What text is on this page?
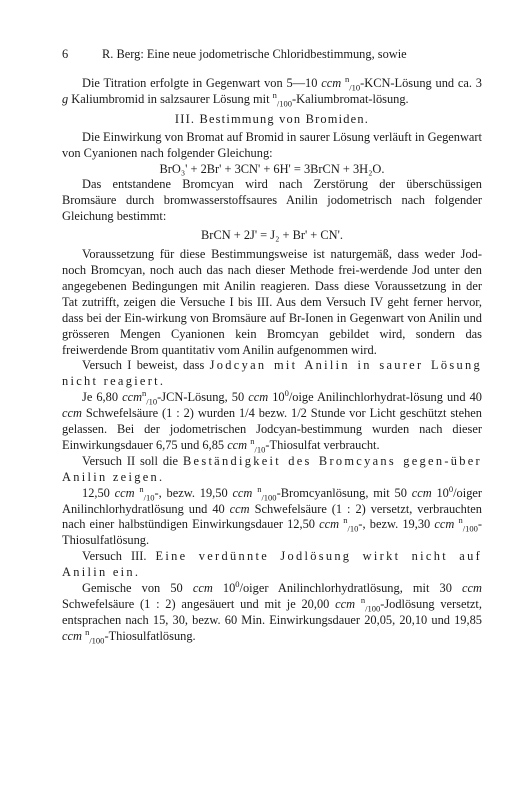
6	R. Berg: Eine neue jodometrische Chloridbestimmung, sowie

Die Titration erfolgte in Gegenwart von 5—10 ccm $^n_{/10}$-KCN-Lösung und ca. 3 g Kaliumbromid in salzsaurer Lösung mit $^n_{/100}$-Kaliumbromat-lösung.

III. Bestimmung von Bromiden.

Die Einwirkung von Bromat auf Bromid in saurer Lösung verläuft in Gegenwart von Cyanionen nach folgender Gleichung:

BrO₃' + 2Br' + 3CN' + 6H' = 3BrCN + 3H₂O.

Das entstandene Bromcyan wird nach Zerstörung der überschüssigen Bromsäure durch bromwasserstoffsaures Anilin jodometrisch nach folgender Gleichung bestimmt:

BrCN + 2J' = J₂ + Br' + CN'.

Voraussetzung für diese Bestimmungsweise ist naturgemäß, dass weder Jod- noch Bromcyan, noch auch das nach dieser Methode frei-werdende Jod unter den angegebenen Bedingungen mit Anilin reagieren. Dass diese Voraussetzung in der Tat zutrifft, zeigen die Versuche I bis III. Aus dem Versuch IV geht ferner hervor, dass bei der Ein-wirkung von Bromsäure auf Br-Ionen in Gegenwart von Anilin und grösseren Mengen Cyanionen kein Bromcyan gebildet wird, sondern das freiwerdende Brom quantitativ vom Anilin aufgenommen wird.

Versuch I beweist, dass Jodcyan mit Anilin in saurer Lösung nicht reagiert.

Je 6,80 ccm$^n_{/10}$-JCN-Lösung, 50 ccm $10^0$/oige Anilinchlorhydrat-lösung und 40 ccm Schwefelsäure (1 : 2) wurden 1/4 bezw. 1/2 Stunde vor Licht geschützt stehen gelassen. Bei der jodometrischen Jodcyan-bestimmung wurden nach dieser Einwirkungsdauer 6,75 und 6,85 ccm $^n_{/10}$-Thiosulfat verbraucht.

Versuch II soll die Beständigkeit des Bromcyans gegen-über Anilin zeigen.

12,50 ccm $^n_{/10}$-, bezw. 19,50 ccm $^n_{/100}$-Bromcyanlösung, mit 50 ccm $10^0$/oiger Anilinchlorhydratlösung und 40 ccm Schwefelsäure (1 : 2) versetzt, verbrauchten nach einer halbstündigen Einwirkungsdauer 12,50 ccm $^n_{/10}$-, bezw. 19,30 ccm $^n_{/100}$-Thiosulfatlösung.

Versuch III. Eine verdünnte Jodlösung wirkt nicht auf Anilin ein.

Gemische von 50 ccm $10^0$/oiger Anilinchlorhydratlösung, mit 30 ccm Schwefelsäure (1 : 2) angesäuert und mit je 20,00 ccm $^n_{/100}$-Jodlösung versetzt, entsprachen nach 15, 30, bezw. 60 Min. Einwirkungsdauer 20,05, 20,10 und 19,85 ccm $^n_{/100}$-Thiosulfatlösung.
